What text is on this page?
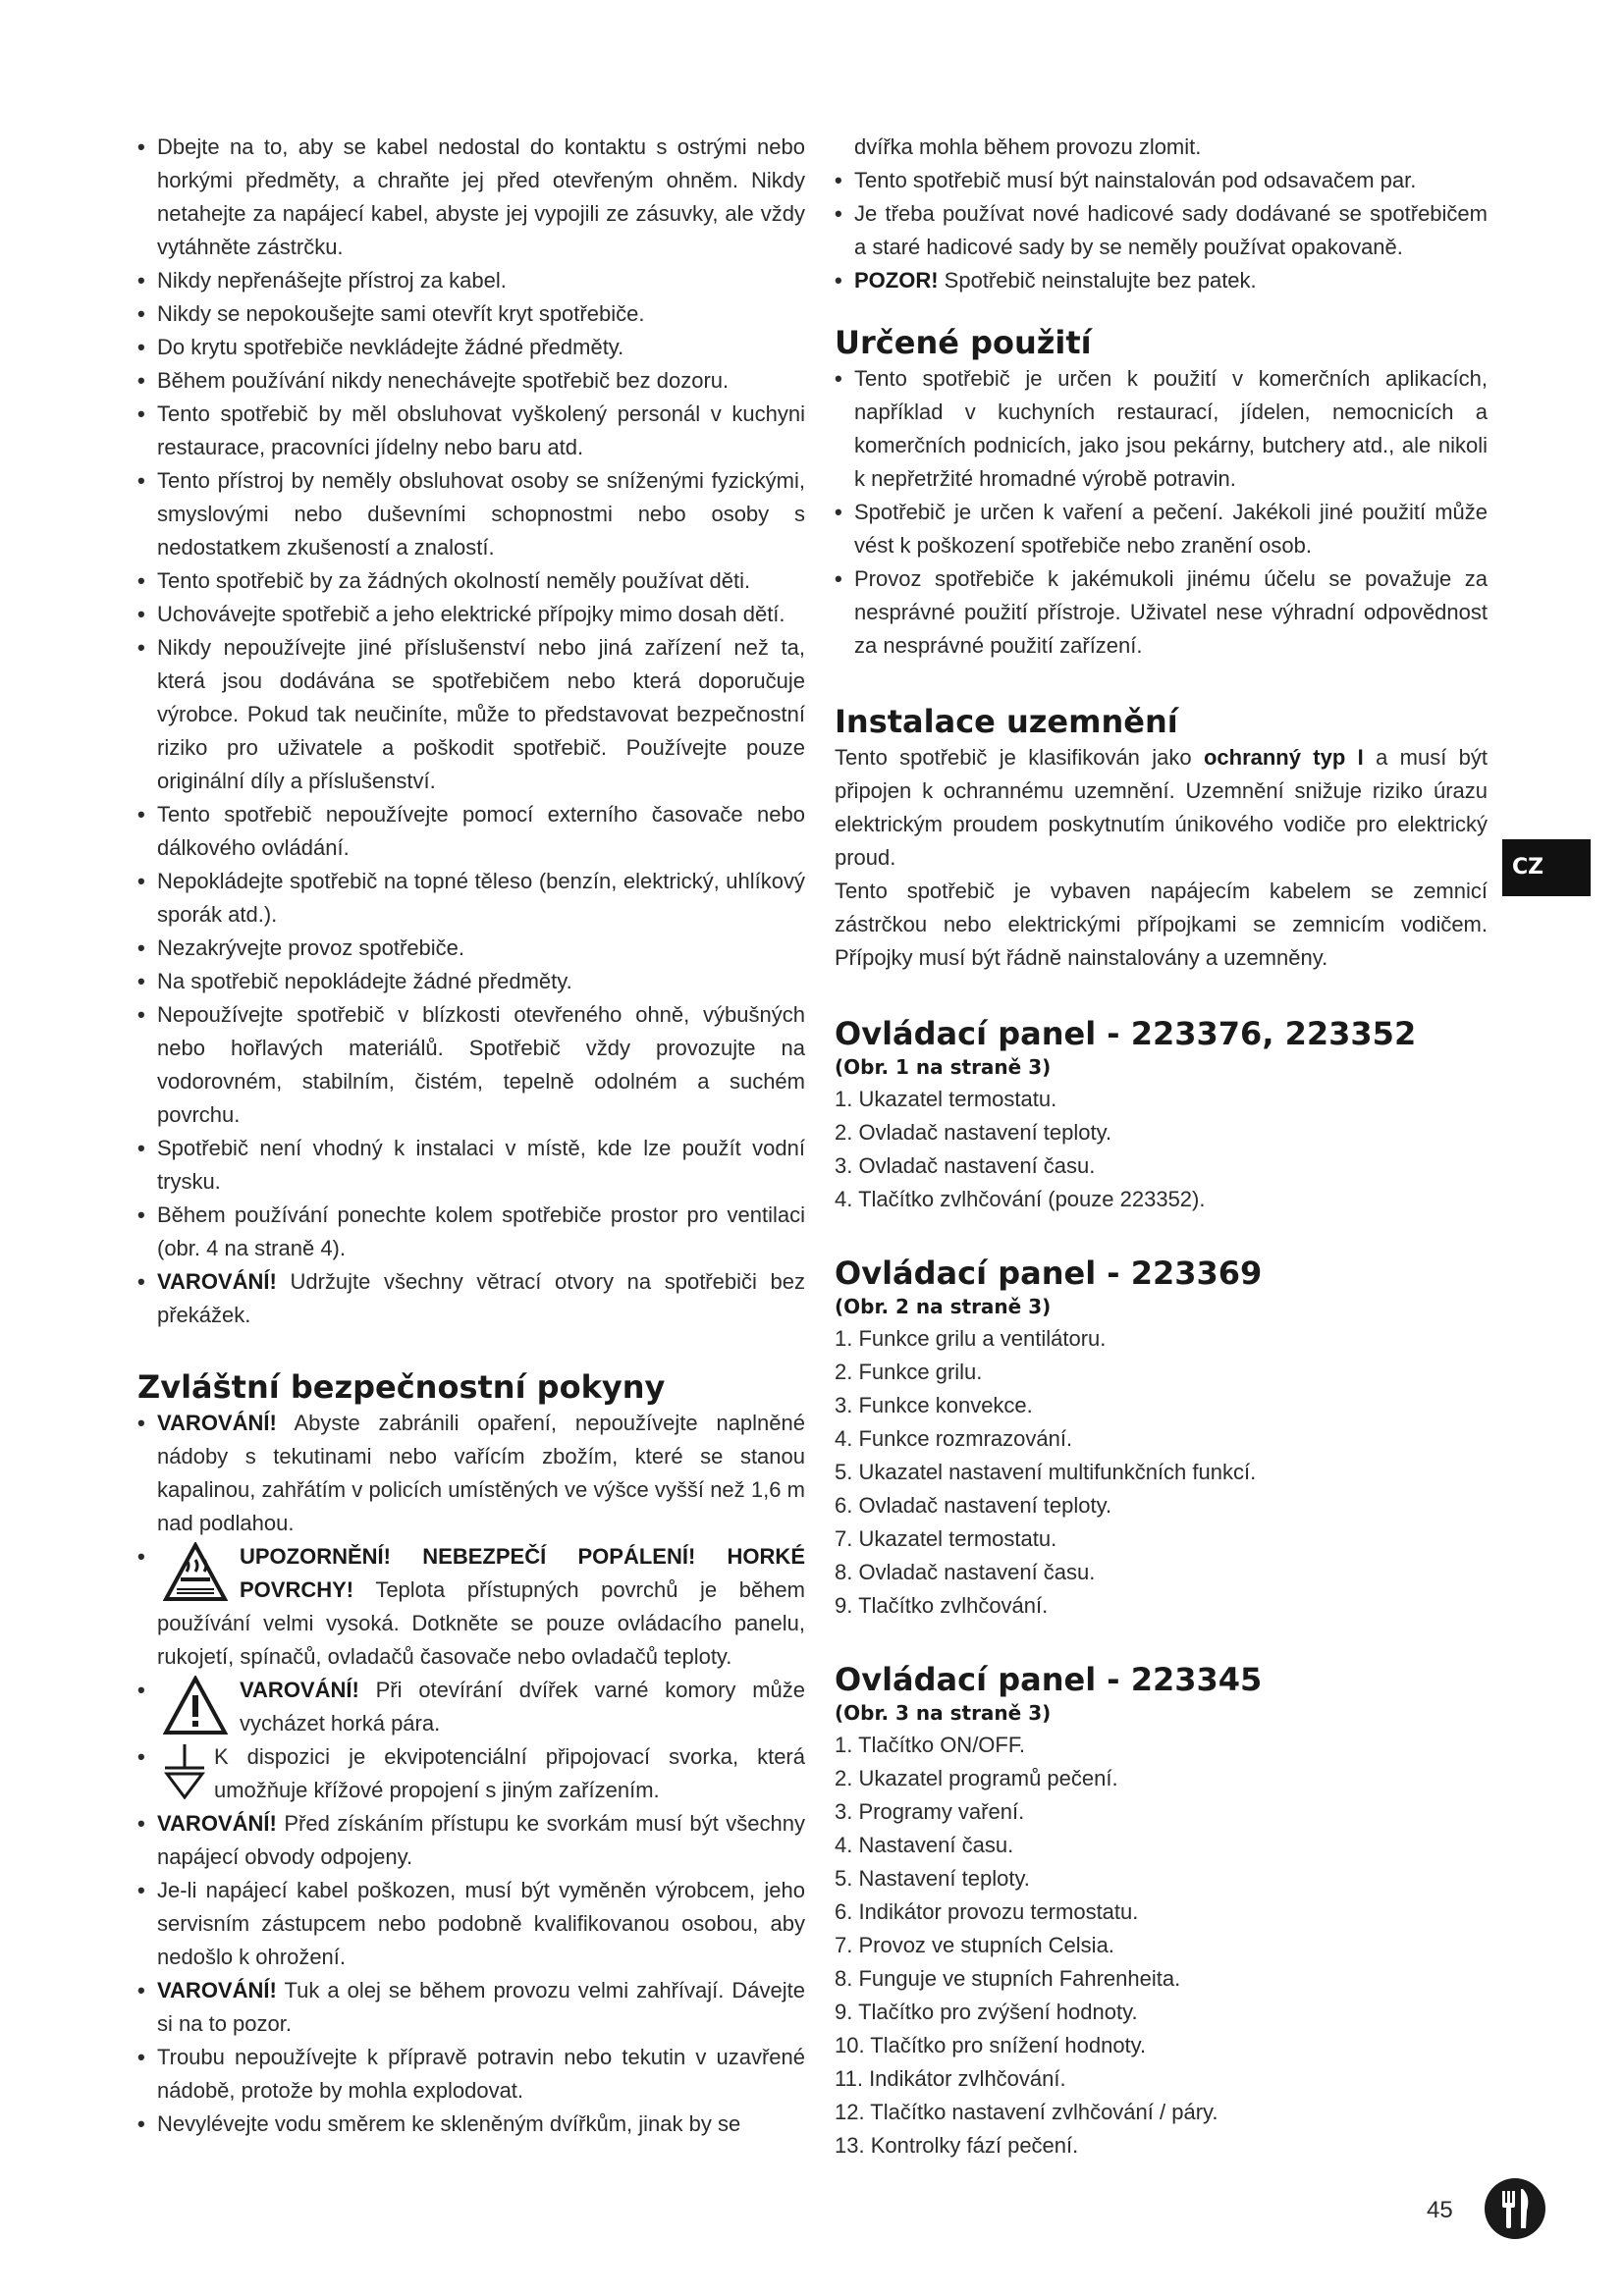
• Dbejte na to, aby se kabel nedostal do kontaktu s ostrými nebo horkými předměty, a chraňte jej před otevřeným ohněm. Nikdy netahejte za napájecí kabel, abyste jej vypojili ze zásuvky, ale vždy vytáhněte zástrčku.
• Nikdy nepřenášejte přístroj za kabel.
• Nikdy se nepokoušejte sami otevřít kryt spotřebiče.
• Do krytu spotřebiče nevkládejte žádné předměty.
• Během používání nikdy nenechávejte spotřebič bez dozoru.
• Tento spotřebič by měl obsluhovat vyškolený personál v kuchyni restaurace, pracovníci jídelny nebo baru atd.
• Tento přístroj by neměly obsluhovat osoby se sníženými fyzickými, smyslovými nebo duševními schopnostmi nebo osoby s nedostatkem zkušeností a znalostí.
• Tento spotřebič by za žádných okolností neměly používat děti.
• Uchovávejte spotřebič a jeho elektrické přípojky mimo dosah dětí.
• Nikdy nepoužívejte jiné příslušenství nebo jiná zařízení než ta, která jsou dodávána se spotřebičem nebo která doporučuje výrobce. Pokud tak neučiníte, může to představovat bezpečnostní riziko pro uživatele a poškodit spotřebič. Používejte pouze originální díly a příslušenství.
• Tento spotřebič nepoužívejte pomocí externího časovače nebo dálkového ovládání.
• Nepokládejte spotřebič na topné těleso (benzín, elektrický, uhlíkový sporák atd.).
• Nezakrývejte provoz spotřebiče.
• Na spotřebič nepokládejte žádné předměty.
• Nepoužívejte spotřebič v blízkosti otevřeného ohně, výbušných nebo hořlavých materiálů. Spotřebič vždy provozujte na vodorovném, stabilním, čistém, tepelně odolném a suchém povrchu.
• Spotřebič není vhodný k instalaci v místě, kde lze použít vodní trysku.
• Během používání ponechte kolem spotřebiče prostor pro ventilaci (obr. 4 na straně 4).
• VAROVÁNÍ! Udržujte všechny větrací otvory na spotřebiči bez překážek.
Zvláštní bezpečnostní pokyny
• VAROVÁNÍ! Abyste zabránili opaření, nepoužívejte naplněné nádoby s tekutinami nebo vařícím zbožím, které se stanou kapalinou, zahřátím v policích umístěných ve výšce vyšší než 1,6 m nad podlahou.
• UPOZORNĚNÍ! NEBEZPEČÍ POPÁLENÍ! HORKÉ POVRCHY! Teplota přístupných povrchů je během používání velmi vysoká. Dotkněte se pouze ovládacího panelu, rukojetí, spínačů, ovladačů časovače nebo ovladačů teploty.
• VAROVÁNÍ! Při otevírání dvířek varné komory může vycházet horká pára.
• K dispozici je ekvipotenciální připojovací svorka, která umožňuje křížové propojení s jiným zařízením.
• VAROVÁNÍ! Před získáním přístupu ke svorkám musí být všechny napájecí obvody odpojeny.
• Je-li napájecí kabel poškozen, musí být vyměněn výrobcem, jeho servisním zástupcem nebo podobně kvalifikovanou osobou, aby nedošlo k ohrožení.
• VAROVÁNÍ! Tuk a olej se během provozu velmi zahřívají. Dávejte si na to pozor.
• Troubu nepoužívejte k přípravě potravin nebo tekutin v uzavřené nádobě, protože by mohla explodovat.
• Nevylévejte vodu směrem ke skleněným dvířkům, jinak by se

dvířka mohla během provozu zlomit.

• Tento spotřebič musí být nainstalován pod odsavačem par.
• Je třeba používat nové hadicové sady dodávané se spotřebičem a staré hadicové sady by se neměly používat opakovaně.
• POZOR! Spotřebič neinstalujte bez patek.
Určené použití
• Tento spotřebič je určen k použití v komerčních aplikacích, například v kuchyních restaurací, jídelen, nemocnicích a komerčních podnicích, jako jsou pekárny, butchery atd., ale nikoli k nepřetržité hromadné výrobě potravin.
• Spotřebič je určen k vaření a pečení. Jakékoli jiné použití může vést k poškození spotřebiče nebo zranění osob.
• Provoz spotřebiče k jakémukoli jinému účelu se považuje za nesprávné použití přístroje. Uživatel nese výhradní odpovědnost za nesprávné použití zařízení.
Instalace uzemnění

Tento spotřebič je klasifikován jako ochranný typ I a musí být připojen k ochrannému uzemnění. Uzemnění snižuje riziko úrazu elektrickým proudem poskytnutím únikového vodiče pro elektrický proud.

Tento spotřebič je vybaven napájecím kabelem se zemnicí zástrčkou nebo elektrickými přípojkami se zemnicím vodičem. Přípojky musí být řádně nainstalovány a uzemněny.

Ovládací panel - 223376, 223352
(Obr. 1 na straně 3)
1. Ukazatel termostatu.
2. Ovladač nastavení teploty.
3. Ovladač nastavení času.
4. Tlačítko zvlhčování (pouze 223352).
Ovládací panel - 223369
(Obr. 2 na straně 3)
1. Funkce grilu a ventilátoru.
2. Funkce grilu.
3. Funkce konvekce.
4. Funkce rozmrazování.
5. Ukazatel nastavení multifunkčních funkcí.
6. Ovladač nastavení teploty.
7. Ukazatel termostatu.
8. Ovladač nastavení času.
9. Tlačítko zvlhčování.
Ovládací panel - 223345
(Obr. 3 na straně 3)
1. Tlačítko ON/OFF.
2. Ukazatel programů pečení.
3. Programy vaření.
4. Nastavení času.
5. Nastavení teploty.
6. Indikátor provozu termostatu.
7. Provoz ve stupních Celsia.
8. Funguje ve stupních Fahrenheita.
9. Tlačítko pro zvýšení hodnoty.
10. Tlačítko pro snížení hodnoty.
11. Indikátor zvlhčování.
12. Tlačítko nastavení zvlhčování / páry.
13. Kontrolky fází pečení.
CZ
45
